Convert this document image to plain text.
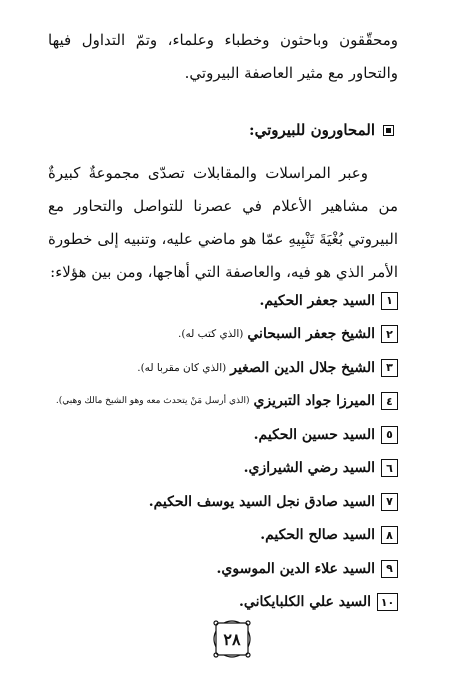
ومحقّقون وباحثون وخطباء وعلماء، وتمّ التداول فيها والتحاور مع مثير العاصفة البيروتي.

المحاورون للبيروتي:

وعبر المراسلات والمقابلات تصدّى مجموعةٌ كبيرةٌ من مشاهير الأعلام في عصرنا للتواصل والتحاور مع البيروتي بُغْيَةَ تَنْبِيهِ عمّا هو ماضي عليه، وتنبيه إلى خطورة الأمر الذي هو فيه، والعاصفة التي أهاجها، ومن بين هؤلاء:

١
السيد جعفر الحكيم.
٢
الشيخ جعفر السبحاني
(الذي كتب له).
٣
الشيخ جلال الدين الصغير
(الذي كان مقربا له).
٤
الميرزا جواد التبريزي
(الذي أرسل مَنْ يتحدث معه وهو الشيخ مالك وهبي).
٥
السيد حسين الحكيم.
٦
السيد رضي الشيرازي.
٧
السيد صادق نجل السيد يوسف الحكيم.
٨
السيد صالح الحكيم.
٩
السيد علاء الدين الموسوي.
١٠
السيد علي الكلبايكاني.
٢٨
